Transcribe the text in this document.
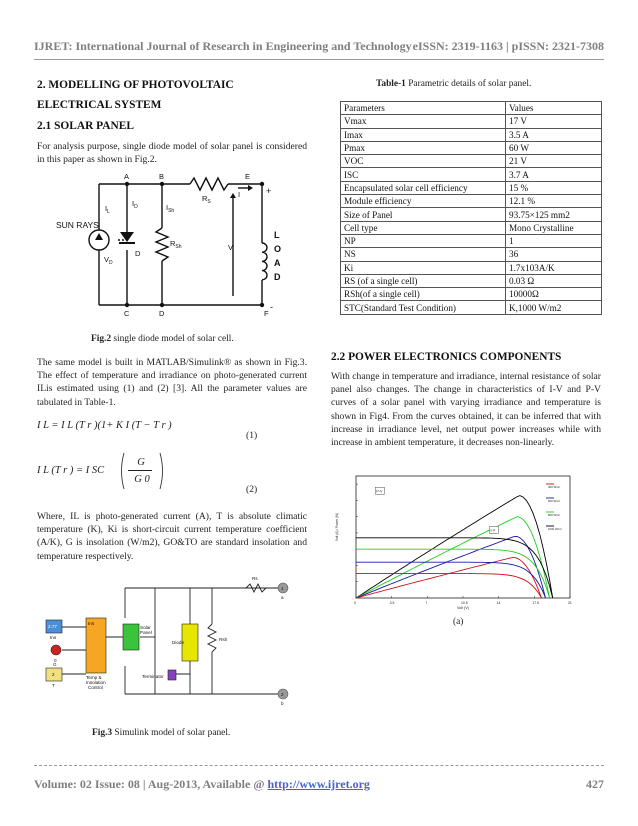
IJRET: International Journal of Research in Engineering and Technology eISSN: 2319-1163 | pISSN: 2321-7308
2. MODELLING OF PHOTOVOLTAIC
ELECTRICAL SYSTEM
2.1 SOLAR PANEL
For analysis purpose, single diode model of solar panel is considered in this paper as shown in Fig.2.
A	B	E
C	D	F
SUN RAYS
$I_L$
$I_D$	$I_{Sh}$
$R_S$
$R_{Sh}$
I
$V_D$
D
V
L
O
A
D
+
-
Fig.2 single diode model of solar cell.
The same model is built in MATLAB/Simulink® as shown in Fig.3. The effect of temperature and irradiance on photo-generated current ILis estimated using (1) and (2) [3]. All the parameter values are tabulated in Table-1.
I L = I L (T r )(1+ K I (T − T r )
(1)
I L (T r ) = I SC
G
G 0
(2)
Where, IL is photo-generated current (A), T is absolute climatic temperature (K), Ki is short-circuit current temperature coefficient (A/K), G is insolation (W/m2), GO&TO are standard insolation and temperature respectively.
2.77
Ins
0
G
2
T
Temp &
Insolation
Control
Ins
Solar
Panel
Diode
Rsh
Rs
Terminator
1
2
a
b
Fig.3 Simulink model of solar panel.
Table-1 Parametric details of solar panel.
Parameters	Values
Vmax	17 V
Imax	3.5 A
Pmax	60 W
VOC	21 V
ISC	3.7 A
Encapsulated solar cell efficiency	15 %
Module efficiency	12.1 %
Size of Panel	93.75×125 mm2
Cell type	Mono Crystalline
NP	1
NS	36
Ki	1.7x103A/K
RS (of a single cell)	0.03 Ω
RSh(of a single cell)	10000Ω
STC(Standard Test Condition)	K,1000 W/m2
2.2 POWER ELECTRONICS COMPONENTS
With change in temperature and irradiance, internal resistance of solar panel also changes. The change in characteristics of I-V and P-V curves of a solar panel with varying irradiance and temperature is shown in Fig4. From the curves obtained, it can be inferred that with increase in irradiance level, net output power increases while with increase in ambient temperature, it decreases non-linearly.
0	3.5	7	10.5	14	17.5	21
P-V
I-V
400 W/m²
600 W/m²
800 W/m²
1000 W/m²
Volt (A) / Power (W)
Volt (V)
(a)
Volume: 02 Issue: 08 | Aug-2013, Available @ http://www.ijret.org	427
